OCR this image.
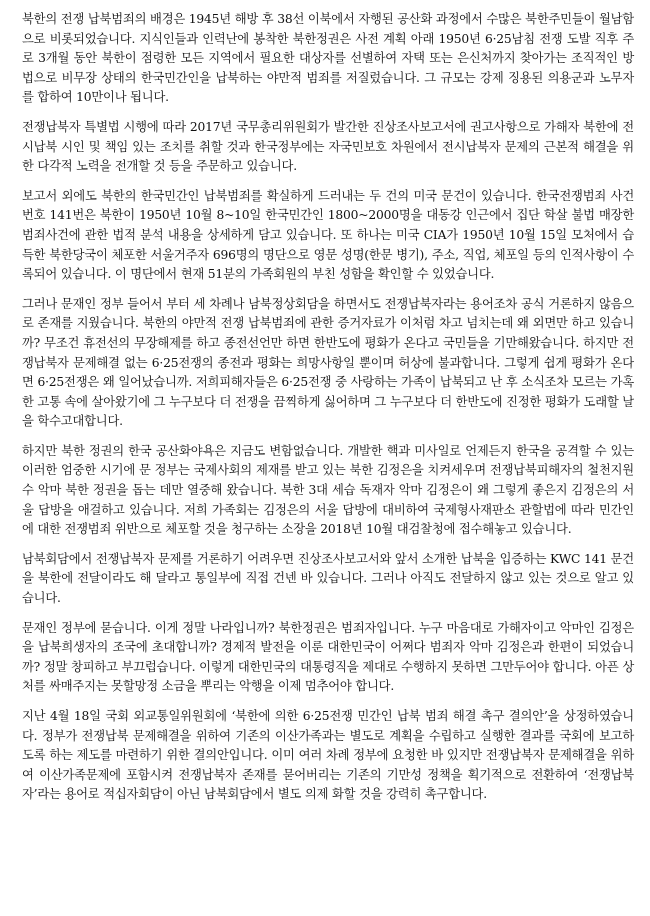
북한의 전쟁 납북범죄의 배경은 1945년 해방 후 38선 이북에서 자행된 공산화 과정에서 수많은 북한주민들이 월남함으로 비롯되었습니다. 지식인들과 인력난에 봉착한 북한정권은 사전 계획 아래 1950년 6·25남침 전쟁 도발 직후 주로 3개월 동안 북한이 점령한 모든 지역에서 필요한 대상자를 선별하여 자택 또는 은신처까지 찾아가는 조직적인 방법으로 비무장 상태의 한국민간인을 납북하는 야만적 범죄를 저질렀습니다. 그 규모는 강제 징용된 의용군과 노무자를 합하여 10만이나 됩니다.

전쟁납북자 특별법 시행에 따라 2017년 국무총리위원회가 발간한 진상조사보고서에 권고사항으로 가해자 북한에 전시납북 시인 및 책임 있는 조치를 취할 것과 한국정부에는 자국민보호 차원에서 전시납북자 문제의 근본적 해결을 위한 다각적 노력을 전개할 것 등을 주문하고 있습니다.

보고서 외에도 북한의 한국민간인 납북범죄를 확실하게 드러내는 두 건의 미국 문건이 있습니다. 한국전쟁범죄 사건번호 141번은 북한이 1950년 10월 8~10일 한국민간인 1800~2000명을 대동강 인근에서 집단 학살 불법 매장한 범죄사건에 관한 법적 분석 내용을 상세하게 담고 있습니다. 또 하나는 미국 CIA가 1950년 10월 15일 모처에서 습득한 북한당국이 체포한 서울거주자 696명의 명단으로 영문 성명(한문 병기), 주소, 직업, 체포일 등의 인적사항이 수록되어 있습니다. 이 명단에서 현재 51분의 가족회원의 부친 성함을 확인할 수 있었습니다.

그러나 문재인 정부 들어서 부터 세 차례나 남북정상회담을 하면서도 전쟁납북자라는 용어조차 공식 거론하지 않음으로 존재를 지웠습니다. 북한의 야만적 전쟁 납북범죄에 관한 증거자료가 이처럼 차고 넘치는데 왜 외면만 하고 있습니까? 무조건 휴전선의 무장해제를 하고 종전선언만 하면 한반도에 평화가 온다고 국민들을 기만해왔습니다. 하지만 전쟁납북자 문제해결 없는 6·25전쟁의 종전과 평화는 희망사항일 뿐이며 허상에 불과합니다. 그렇게 쉽게 평화가 온다면 6·25전쟁은 왜 일어났습니까. 저희피해자들은 6·25전쟁 중 사랑하는 가족이 납북되고 난 후 소식조차 모르는 가혹한 고통 속에 살아왔기에 그 누구보다 더 전쟁을 끔찍하게 싫어하며 그 누구보다 더 한반도에 진정한 평화가 도래할 날을 학수고대합니다.

하지만 북한 정권의 한국 공산화야욕은 지금도 변함없습니다. 개발한 핵과 미사일로 언제든지 한국을 공격할 수 있는 이러한 엄중한 시기에 문 정부는 국제사회의 제재를 받고 있는 북한 김정은을 치켜세우며 전쟁납북피해자의 철천지원수 악마 북한 정권을 돕는 데만 열중해 왔습니다. 북한 3대 세습 독재자 악마 김정은이 왜 그렇게 좋은지 김정은의 서울 답방을 애걸하고 있습니다. 저희 가족회는 김정은의 서울 답방에 대비하여 국제형사재판소 관할법에 따라 민간인에 대한 전쟁범죄 위반으로 체포할 것을 청구하는 소장을 2018년 10월 대검찰청에 접수해놓고 있습니다.

남북회담에서 전쟁납북자 문제를 거론하기 어려우면 진상조사보고서와 앞서 소개한 납북을 입증하는 KWC 141 문건을 북한에 전달이라도 해 달라고 통일부에 직접 건넨 바 있습니다. 그러나 아직도 전달하지 않고 있는 것으로 알고 있습니다.

문재인 정부에 묻습니다. 이게 정말 나라입니까? 북한정권은 범죄자입니다. 누구 마음대로 가해자이고 악마인 김정은을 납북희생자의 조국에 초대합니까? 경제적 발전을 이룬 대한민국이 어쩌다 범죄자 악마 김정은과 한편이 되었습니까? 정말 창피하고 부끄럽습니다. 이렇게 대한민국의 대통령직을 제대로 수행하지 못하면 그만두어야 합니다. 아픈 상처를 싸매주지는 못할망정 소금을 뿌리는 악행을 이제 멈추어야 합니다.

지난 4월 18일 국회 외교통일위원회에 ‘북한에 의한 6·25전쟁 민간인 납북 범죄 해결 촉구 결의안’을 상정하였습니다. 정부가 전쟁납북 문제해결을 위하여 기존의 이산가족과는 별도로 계획을 수립하고 실행한 결과를 국회에 보고하도록 하는 제도를 마련하기 위한 결의안입니다. 이미 여러 차례 정부에 요청한 바 있지만 전쟁납북자 문제해결을 위하여 이산가족문제에 포함시켜 전쟁납북자 존재를 묻어버리는 기존의 기만성 정책을 획기적으로 전환하여 ‘전쟁납북자’라는 용어로 적십자회담이 아닌 남북회담에서 별도 의제 화할 것을 강력히 촉구합니다.
